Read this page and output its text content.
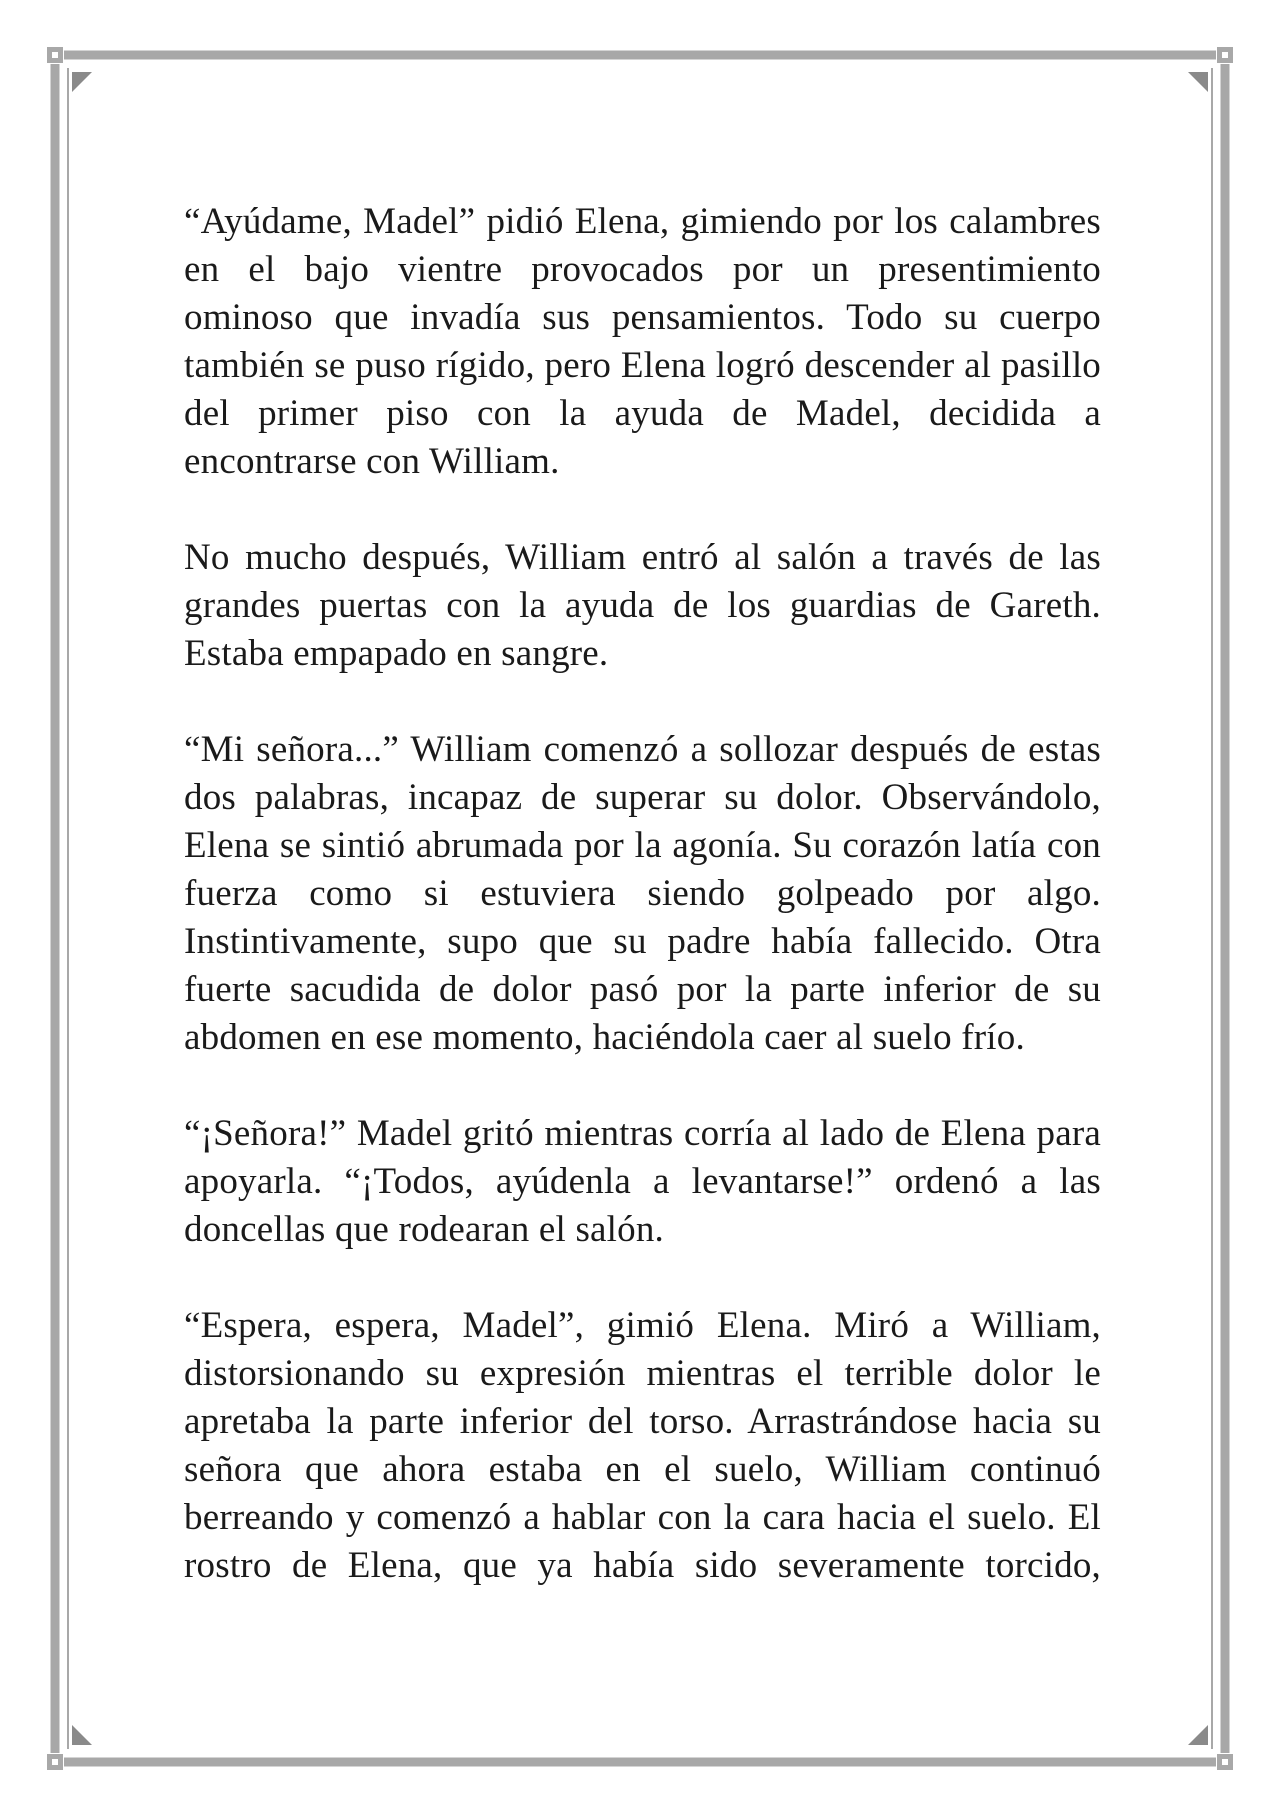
“Ayúdame, Madel” pidió Elena, gimiendo por los calambres en el bajo vientre provocados por un presentimiento ominoso que invadía sus pensamientos. Todo su cuerpo también se puso rígido, pero Elena logró descender al pasillo del primer piso con la ayuda de Madel, decidida a encontrarse con William.

No mucho después, William entró al salón a través de las grandes puertas con la ayuda de los guardias de Gareth. Estaba empapado en sangre.

“Mi señora...” William comenzó a sollozar después de estas dos palabras, incapaz de superar su dolor. Observándolo, Elena se sintió abrumada por la agonía. Su corazón latía con fuerza como si estuviera siendo golpeado por algo. Instintivamente, supo que su padre había fallecido. Otra fuerte sacudida de dolor pasó por la parte inferior de su abdomen en ese momento, haciéndola caer al suelo frío.

“¡Señora!” Madel gritó mientras corría al lado de Elena para apoyarla. “¡Todos, ayúdenla a levantarse!” ordenó a las doncellas que rodearan el salón.

“Espera, espera, Madel”, gimió Elena. Miró a William, distorsionando su expresión mientras el terrible dolor le apretaba la parte inferior del torso. Arrastrándose hacia su señora que ahora estaba en el suelo, William continuó berreando y comenzó a hablar con la cara hacia el suelo. El rostro de Elena, que ya había sido severamente torcido,
